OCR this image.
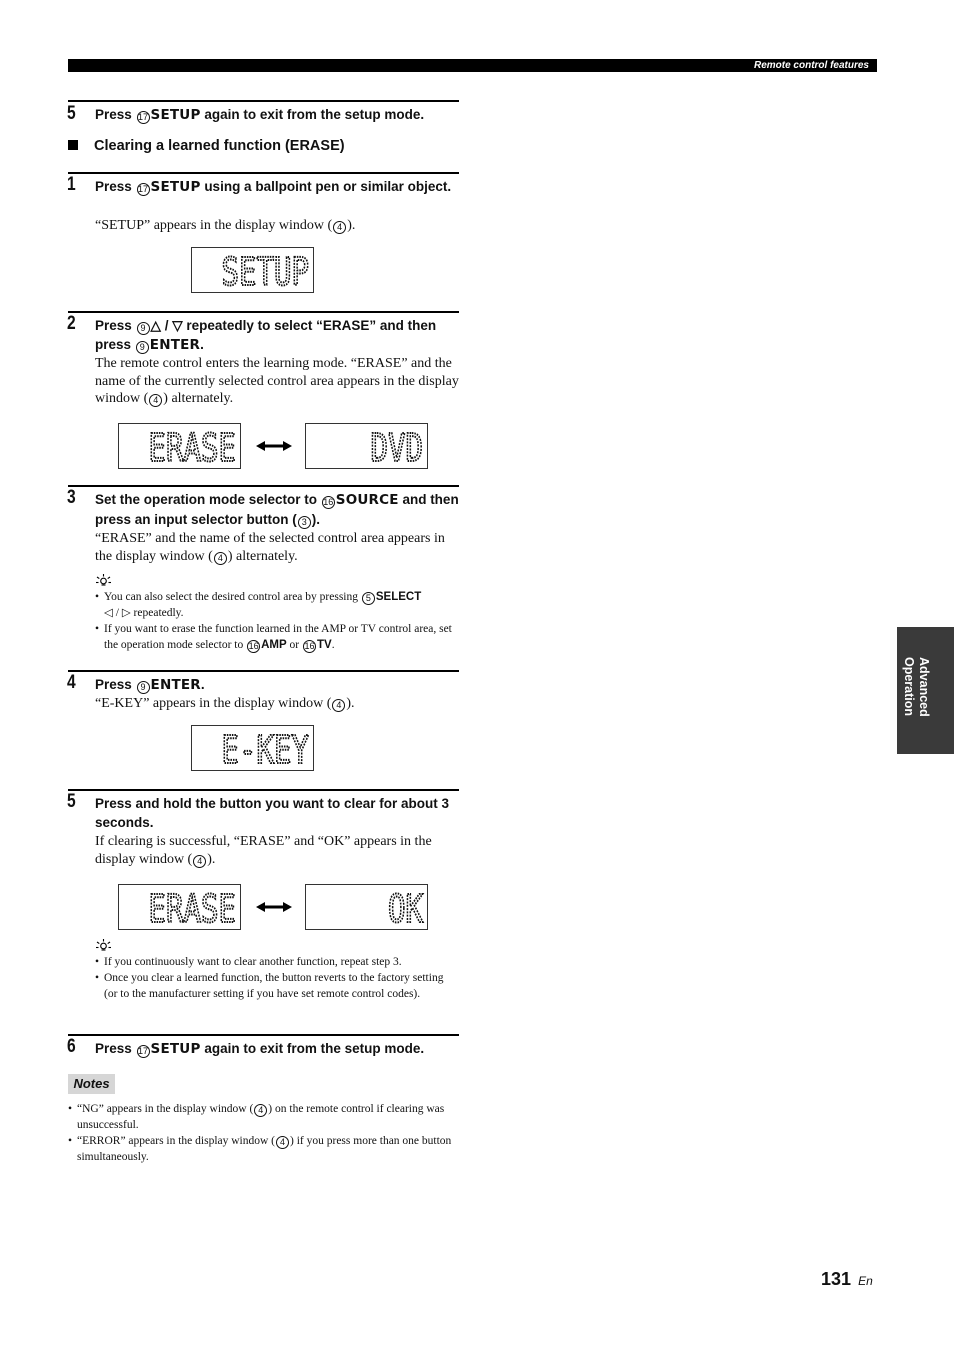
Remote control features
5 Press 17 SETUP again to exit from the setup mode.
Clearing a learned function (ERASE)
1 Press 17 SETUP using a ballpoint pen or similar object.
“SETUP” appears in the display window ( 4 ).
SETUP
2 Press 9 △ / ▽ repeatedly to select “ERASE” and then press 9 ENTER.
The remote control enters the learning mode. “ERASE” and the name of the currently selected control area appears in the display window ( 4 ) alternately.
ERASE	DVD
3 Set the operation mode selector to 16 SOURCE and then press an input selector button ( 3 ).
“ERASE” and the name of the selected control area appears in the display window ( 4 ) alternately.
• You can also select the desired control area by pressing 5 SELECT
◁ / ▷ repeatedly.
• If you want to erase the function learned in the AMP or TV control area, set the operation mode selector to 16 AMP or 16 TV.
4 Press 9 ENTER.
“E-KEY” appears in the display window ( 4 ).
E-KEY
5 Press and hold the button you want to clear for about 3 seconds.
If clearing is successful, “ERASE” and “OK” appears in the display window ( 4 ).
ERASE	OK
• If you continuously want to clear another function, repeat step 3.
• Once you clear a learned function, the button reverts to the factory setting (or to the manufacturer setting if you have set remote control codes).
6 Press 17 SETUP again to exit from the setup mode.
Notes
• “NG” appears in the display window ( 4 ) on the remote control if clearing was unsuccessful.
• “ERROR” appears in the display window ( 4 ) if you press more than one button simultaneously.
Advanced
Operation
131 En
